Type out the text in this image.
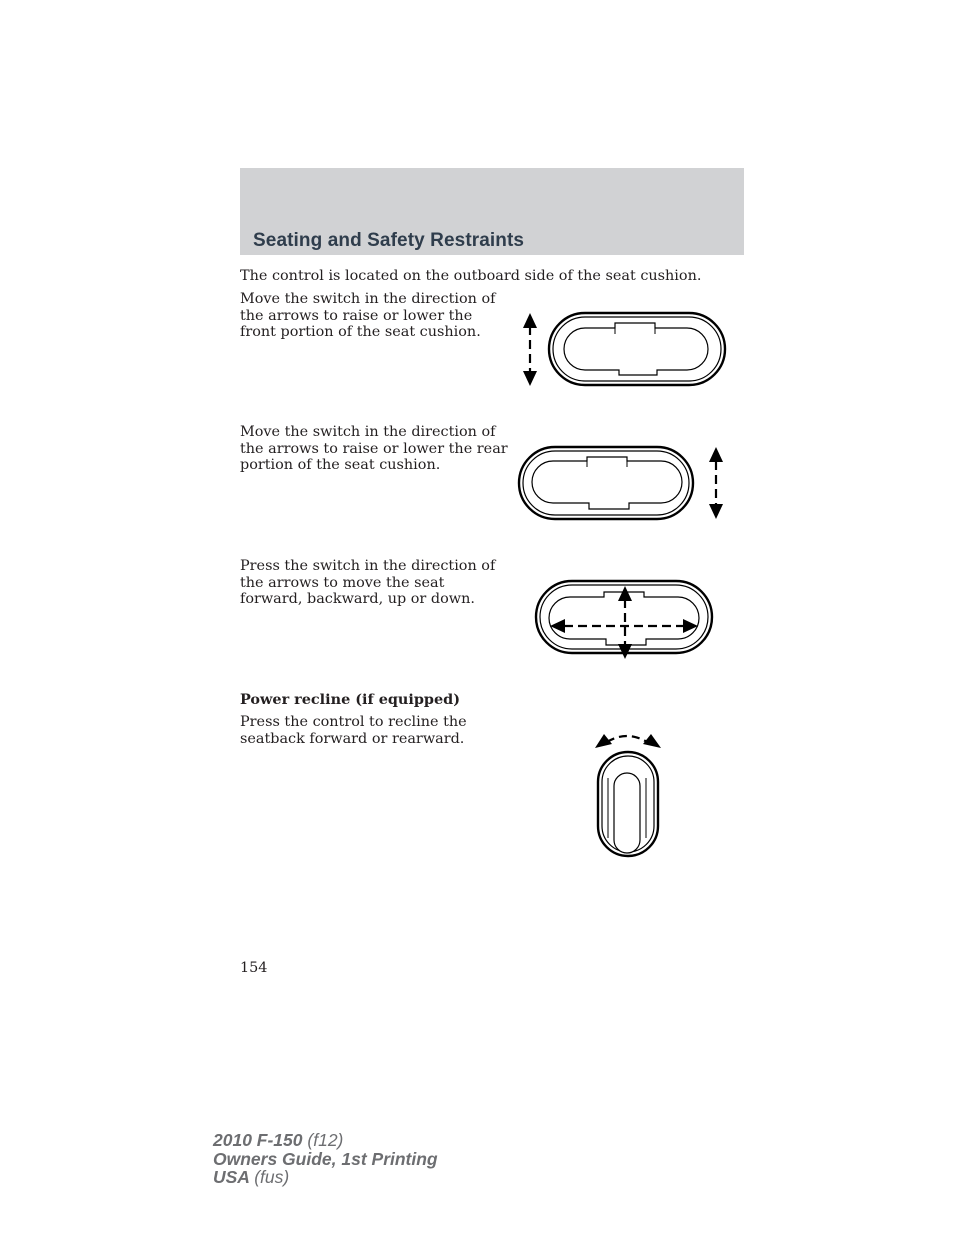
Seating and Safety Restraints

The control is located on the outboard side of the seat cushion.

Move the switch in the direction of
the arrows to raise or lower the
front portion of the seat cushion.
Move the switch in the direction of
the arrows to raise or lower the rear
portion of the seat cushion.
Press the switch in the direction of
the arrows to move the seat
forward, backward, up or down.
Power recline (if equipped)
Press the control to recline the
seatback forward or rearward.

154

2010 F-150 (f12)
Owners Guide, 1st Printing
USA (fus)
